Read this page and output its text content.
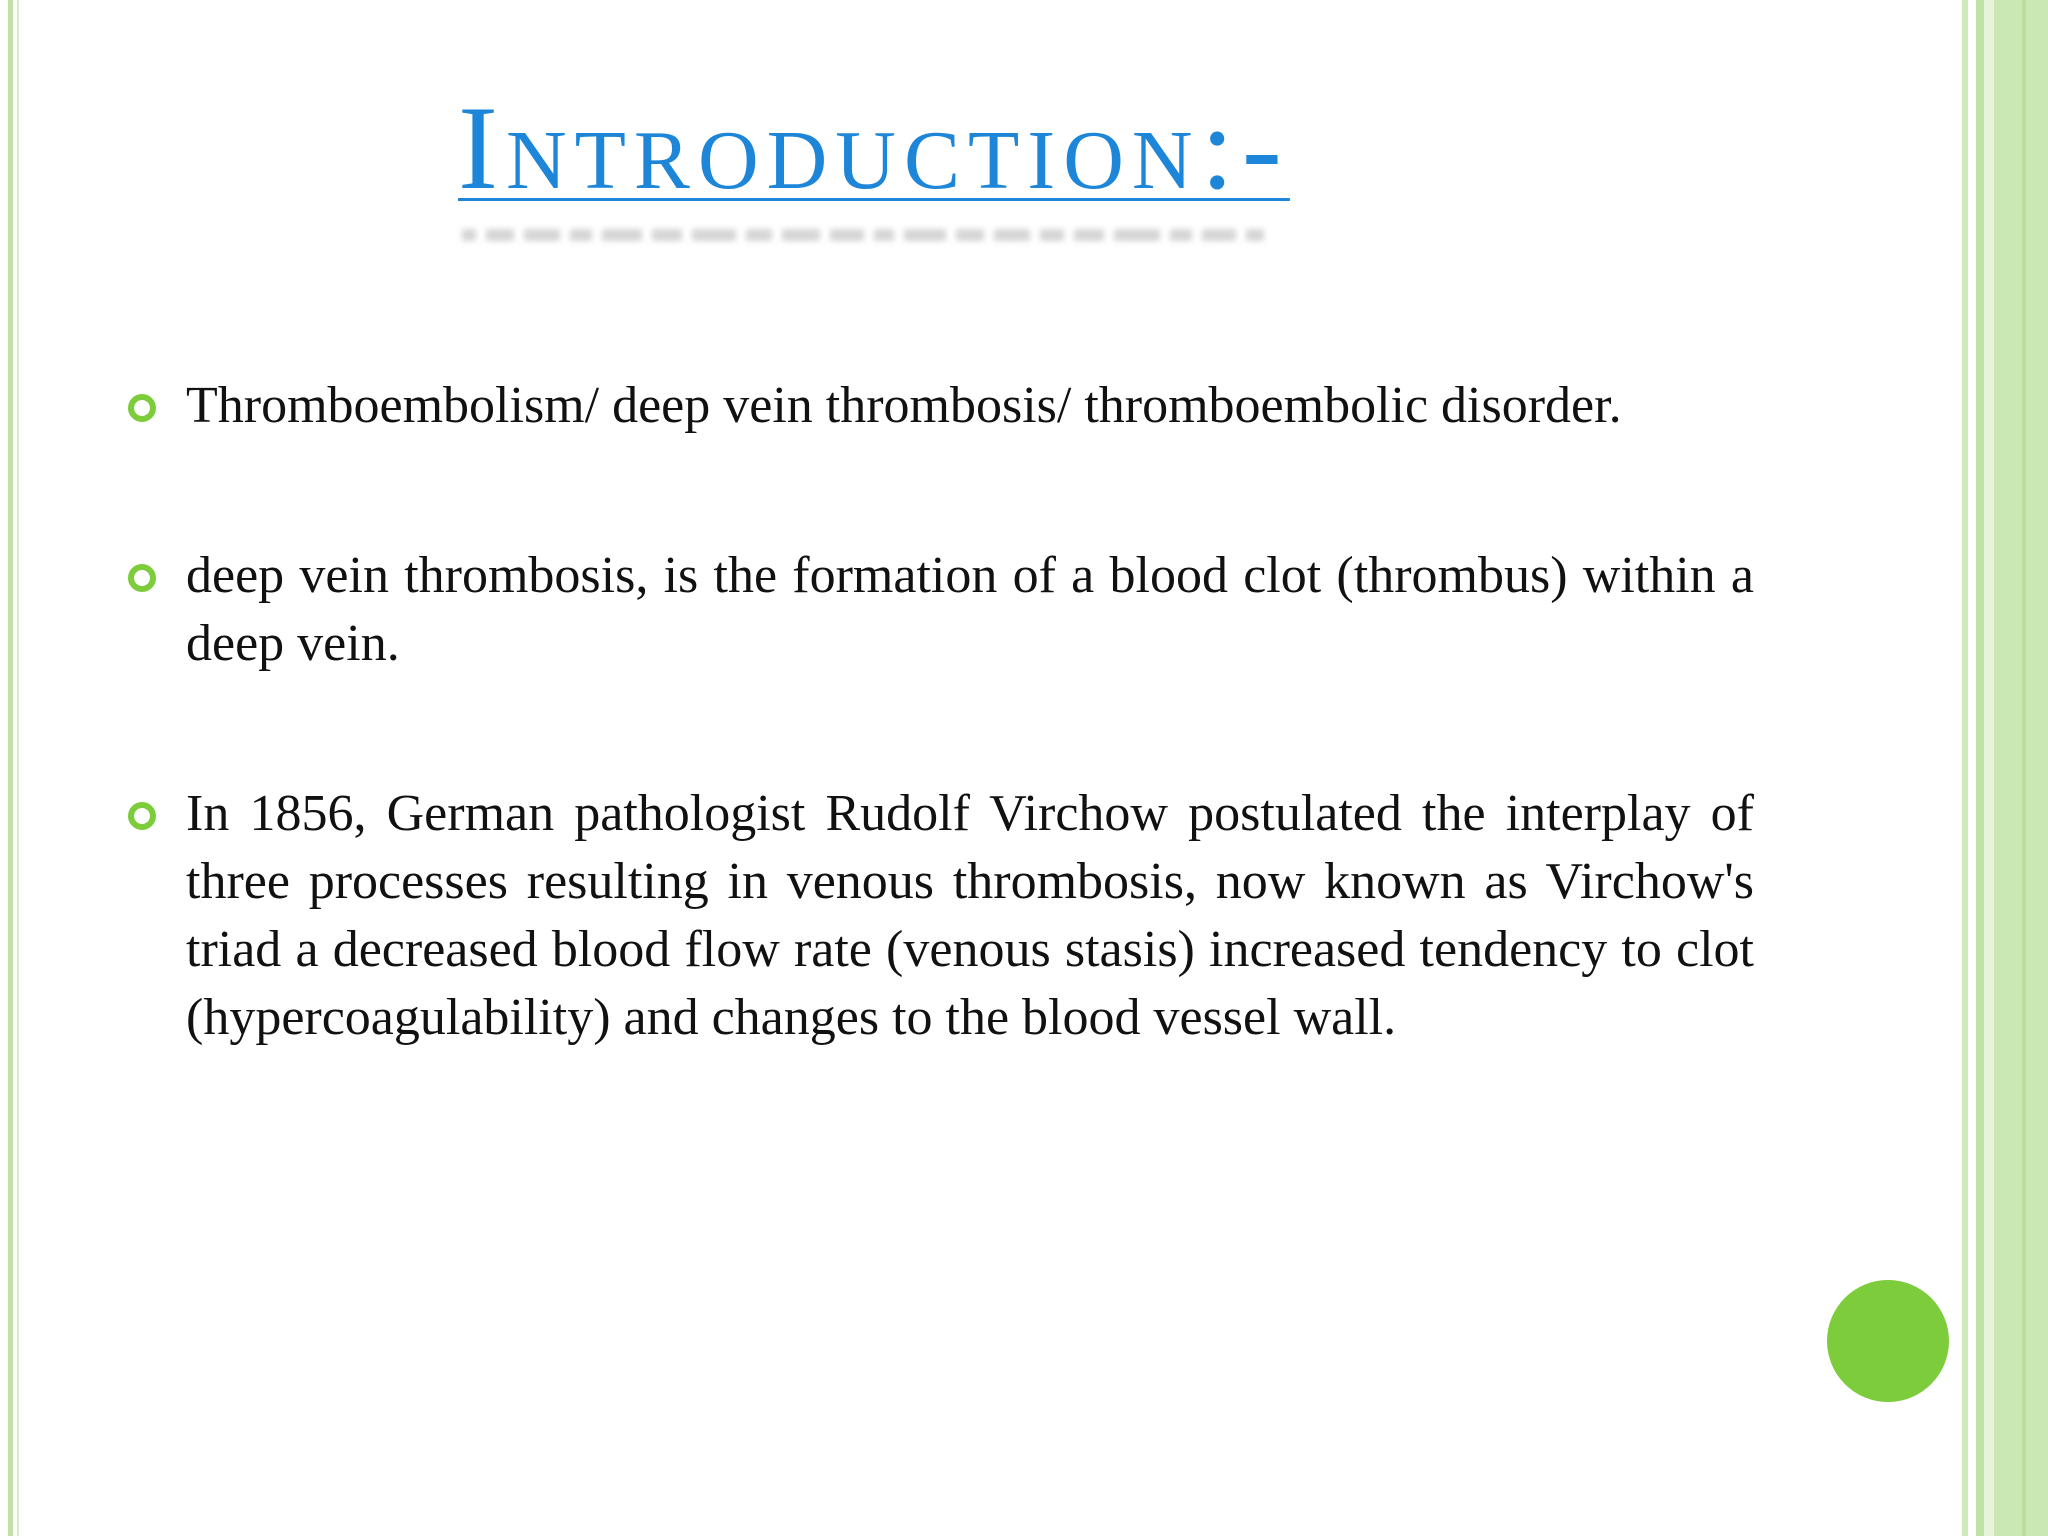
Introduction:-
Thromboembolism/ deep vein thrombosis/ thromboembolic disorder.
deep vein thrombosis, is the formation of a blood clot (thrombus) within a deep vein.
In 1856, German pathologist Rudolf Virchow postulated the interplay of three processes resulting in venous thrombosis, now known as Virchow's triad a decreased blood flow rate (venous stasis) increased tendency to clot (hypercoagulability) and changes to the blood vessel wall.
